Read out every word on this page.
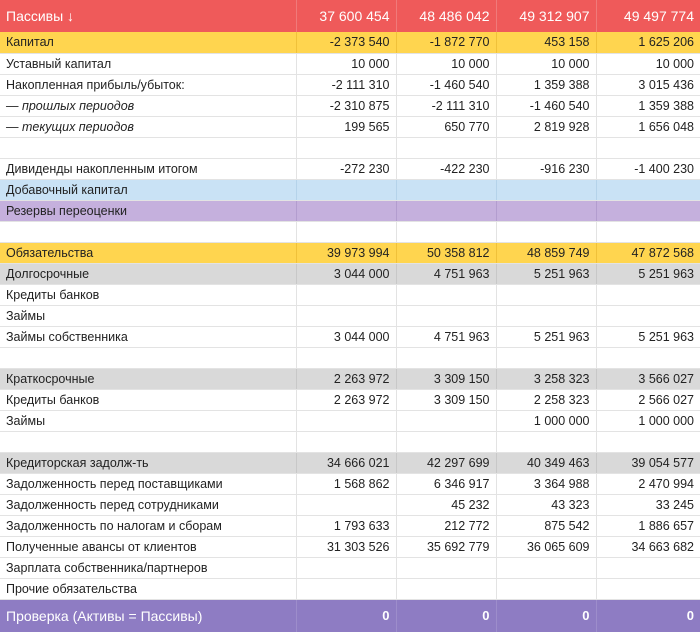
Пассивы ↓	37 600 454	48 486 042	49 312 907	49 497 774
Капитал	-2 373 540	-1 872 770	453 158	1 625 206
Уставный капитал	10 000	10 000	10 000	10 000
Накопленная прибыль/убыток:	-2 111 310	-1 460 540	1 359 388	3 015 436
— прошлых периодов	-2 310 875	-2 111 310	-1 460 540	1 359 388
— текущих периодов	199 565	650 770	2 819 928	1 656 048

Дивиденды накопленным итогом	-272 230	-422 230	-916 230	-1 400 230
Добавочный капитал				
Резервы переоценки				

Обязательства	39 973 994	50 358 812	48 859 749	47 872 568
Долгосрочные	3 044 000	4 751 963	5 251 963	5 251 963
Кредиты банков				
Займы				
Займы собственника	3 044 000	4 751 963	5 251 963	5 251 963

Краткосрочные	2 263 972	3 309 150	3 258 323	3 566 027
Кредиты банков	2 263 972	3 309 150	2 258 323	2 566 027
Займы			1 000 000	1 000 000

Кредиторская задолж-ть	34 666 021	42 297 699	40 349 463	39 054 577
Задолженность перед поставщиками	1 568 862	6 346 917	3 364 988	2 470 994
Задолженность перед сотрудниками		45 232	43 323	33 245
Задолженность по налогам и сборам	1 793 633	212 772	875 542	1 886 657
Полученные авансы от клиентов	31 303 526	35 692 779	36 065 609	34 663 682
Зарплата собственника/партнеров				
Прочие обязательства				
Проверка (Активы = Пассивы)	0	0	0	0
